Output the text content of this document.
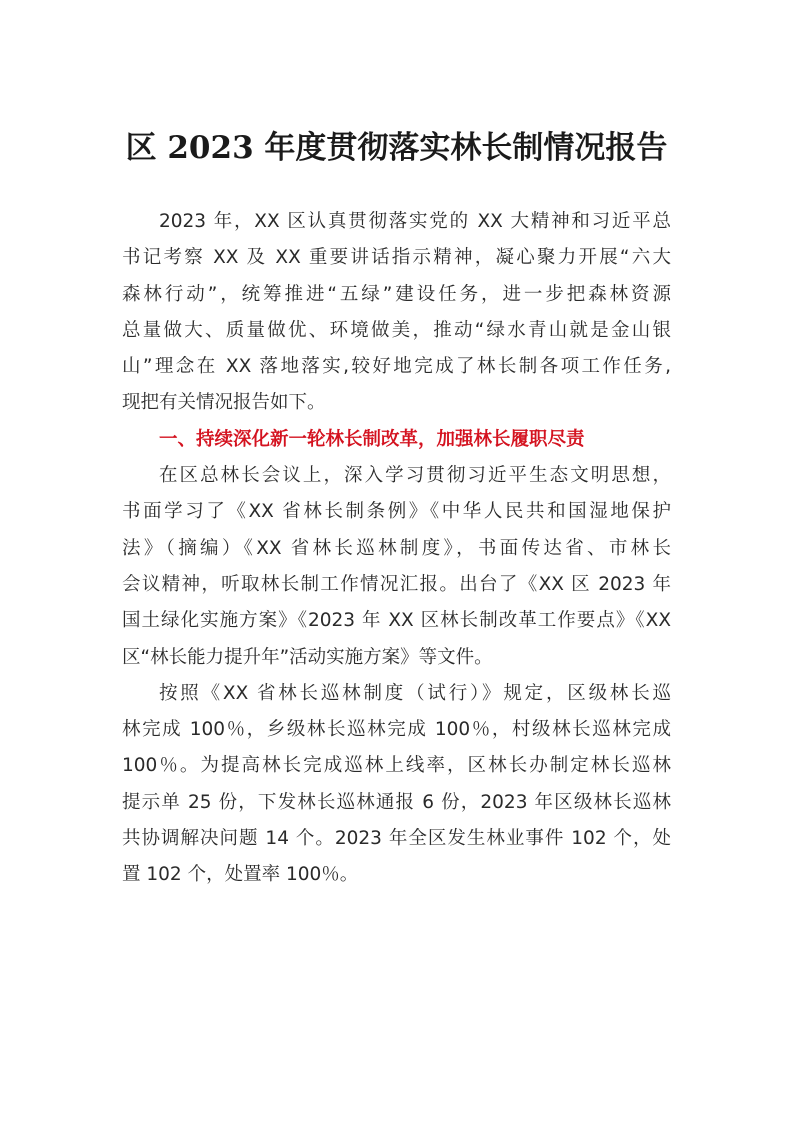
区 2023 年度贯彻落实林长制情况报告

2023 年，XX 区认真贯彻落实党的 XX 大精神和习近平总
书记考察 XX 及 XX 重要讲话指示精神，凝心聚力开展“六大
森林行动”，统筹推进“五绿”建设任务，进一步把森林资源
总量做大、质量做优、环境做美，推动“绿水青山就是金山银
山”理念在 XX 落地落实,较好地完成了林长制各项工作任务,
现把有关情况报告如下。

一、持续深化新一轮林长制改革，加强林长履职尽责

在区总林长会议上，深入学习贯彻习近平生态文明思想，
书面学习了《XX 省林长制条例》《中华人民共和国湿地保护
法》（摘编）《XX 省林长巡林制度》，书面传达省、市林长
会议精神，听取林长制工作情况汇报。出台了《XX 区 2023 年
国土绿化实施方案》《2023 年 XX 区林长制改革工作要点》《XX
区“林长能力提升年”活动实施方案》等文件。

按照《XX 省林长巡林制度（试行）》规定，区级林长巡
林完成 100％，乡级林长巡林完成 100％，村级林长巡林完成
100％。为提高林长完成巡林上线率，区林长办制定林长巡林
提示单 25 份，下发林长巡林通报 6 份，2023 年区级林长巡林
共协调解决问题 14 个。2023 年全区发生林业事件 102 个，处
置 102 个，处置率 100％。
